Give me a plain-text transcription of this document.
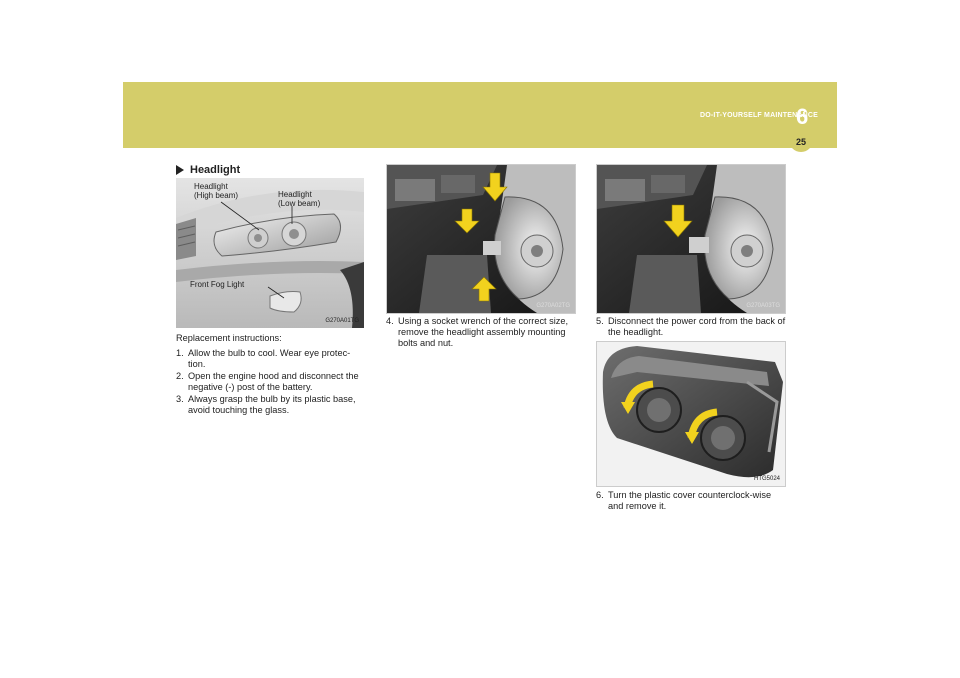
DO-IT-YOURSELF MAINTENANCE
6
25
Headlight
Headlight
(High beam)	Headlight
(Low beam)
Front Fog Light
G270A01TG
G270A02TG	G270A03TG
HTG5024

Replacement instructions:

1. Allow the bulb to cool. Wear eye protec-tion.
2. Open the engine hood and disconnect the negative (-) post of the battery.
3. Always grasp the bulb by its plastic base, avoid touching the glass.
4. Using a socket wrench of the correct size, remove the headlight assembly mounting bolts and nut.
5. Disconnect the power cord from the back of the headlight.
6. Turn the plastic cover counterclock-wise and remove it.
